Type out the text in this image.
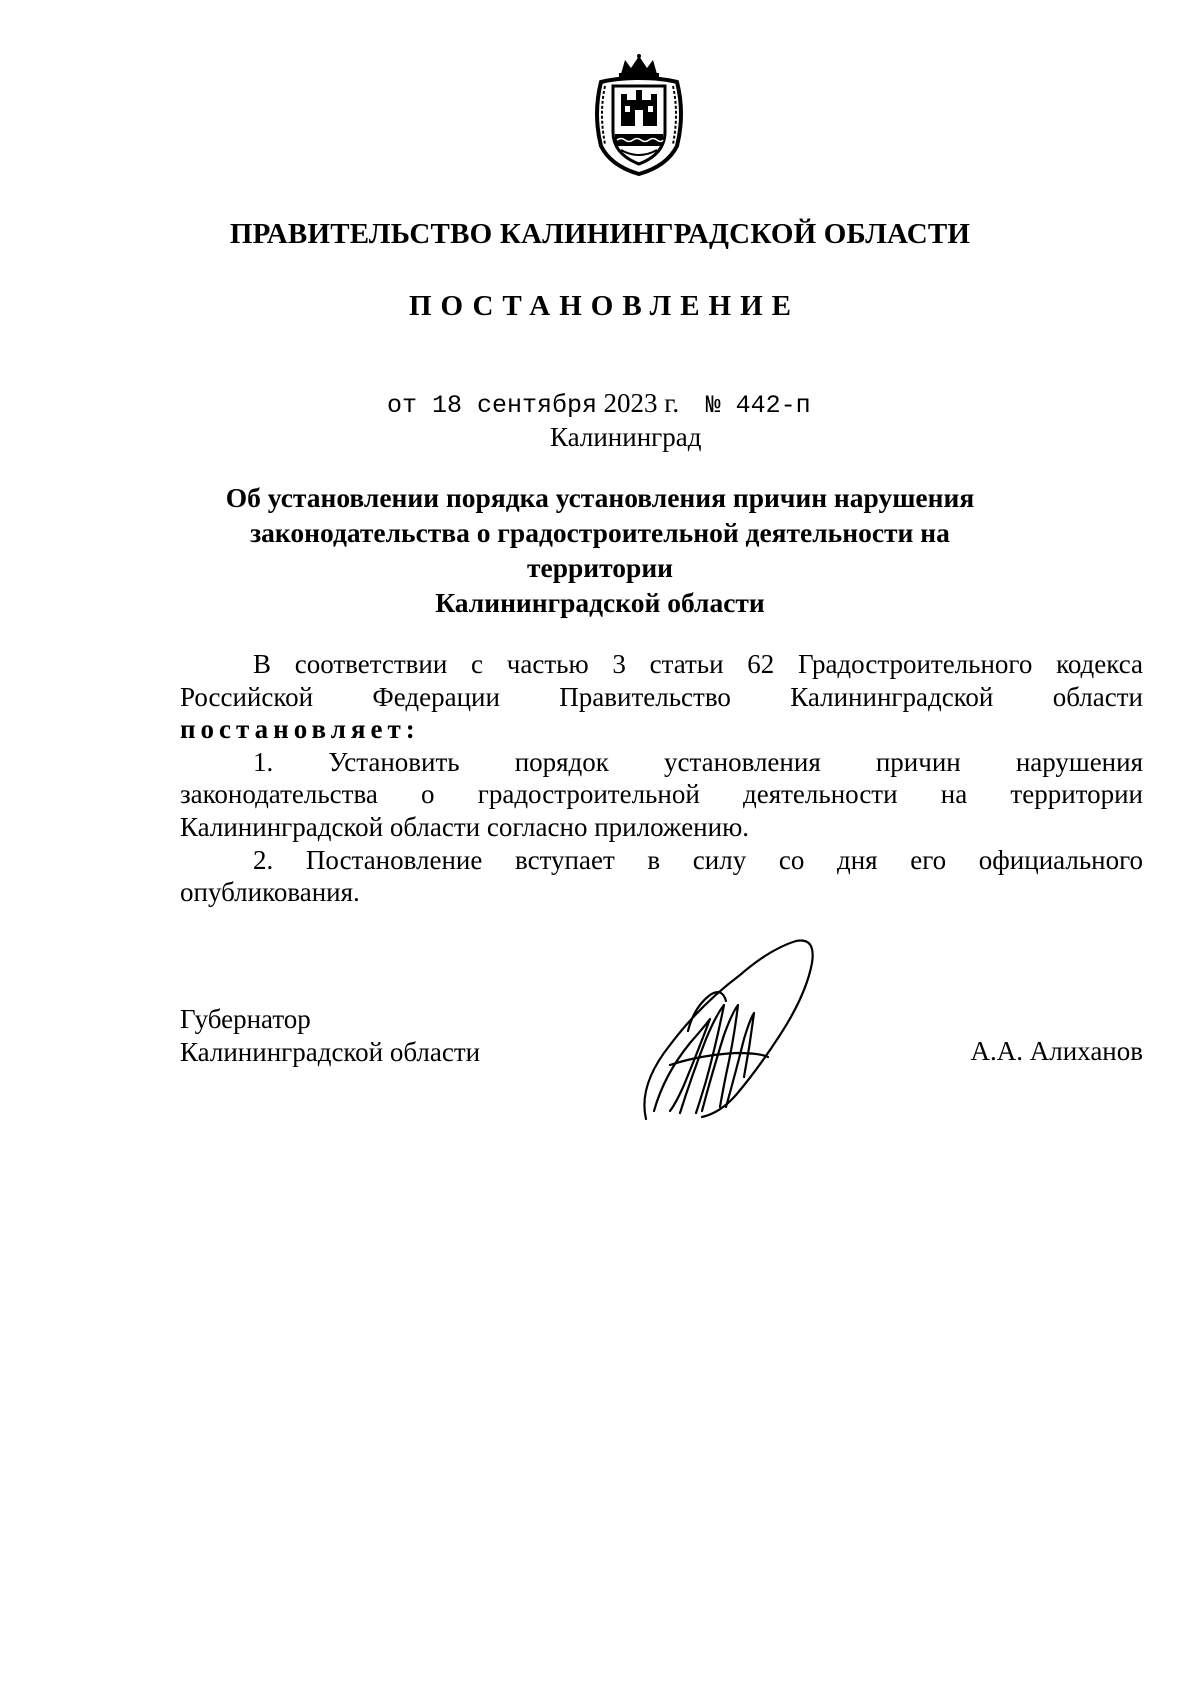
ПРАВИТЕЛЬСТВО КАЛИНИНГРАДСКОЙ ОБЛАСТИ
ПОСТАНОВЛЕНИЕ
от 18 сентября 2023 г. № 442-п
Калининград
Об установлении порядка установления причин нарушения
законодательства о градостроительной деятельности на территории
Калининградской области

В соответствии с частью 3 статьи 62 Градостроительного кодекса

Российской Федерации Правительство Калининградской области

постановляет:

1. Установить порядок установления причин нарушения

законодательства о градостроительной деятельности на территории

Калининградской области согласно приложению.

2. Постановление вступает в силу со дня его официального

опубликования.

Губернатор
Калининградской области	А.А. Алиханов
